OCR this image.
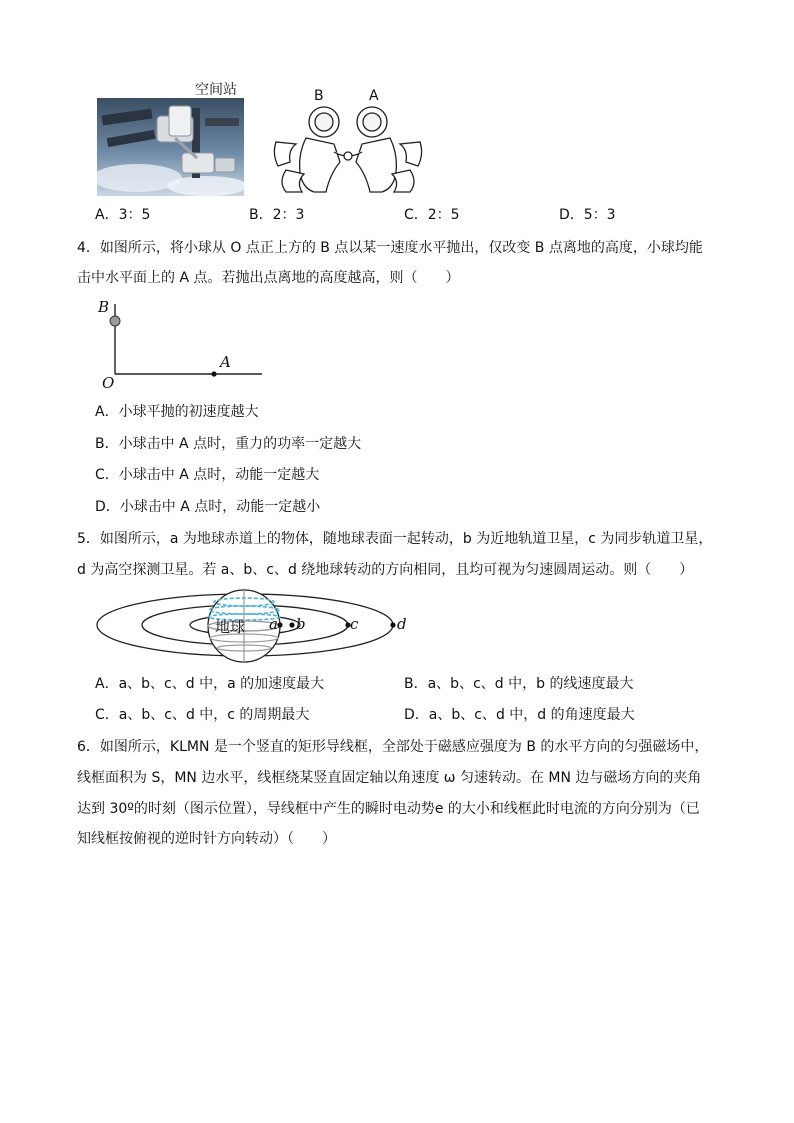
空间站	B	A
A．3：5	B．2：3	C．2：5	D．5：3
4．如图所示，将小球从 O 点正上方的 B 点以某一速度水平抛出，仅改变 B 点离地的高度，小球均能
击中水平面上的 A 点。若抛出点离地的高度越高，则（　　）
B
O
A
A．小球平抛的初速度越大
B．小球击中 A 点时，重力的功率一定越大
C．小球击中 A 点时，动能一定越大
D．小球击中 A 点时，动能一定越小
5．如图所示，a 为地球赤道上的物体，随地球表面一起转动，b 为近地轨道卫星，c 为同步轨道卫星，
d 为高空探测卫星。若 a、b、c、d 绕地球转动的方向相同，且均可视为匀速圆周运动。则（　　）
地球 a b	c	d
A．a、b、c、d 中，a 的加速度最大	B．a、b、c、d 中，b 的线速度最大
C．a、b、c、d 中，c 的周期最大	D．a、b、c、d 中，d 的角速度最大
6．如图所示，KLMN 是一个竖直的矩形导线框，全部处于磁感应强度为 B 的水平方向的匀强磁场中，
线框面积为 S，MN 边水平，线框绕某竖直固定轴以角速度 ω 匀速转动。在 MN 边与磁场方向的夹角
达到 30º的时刻（图示位置），导线框中产生的瞬时电动势e 的大小和线框此时电流的方向分别为（已
知线框按俯视的逆时针方向转动）（　　）
